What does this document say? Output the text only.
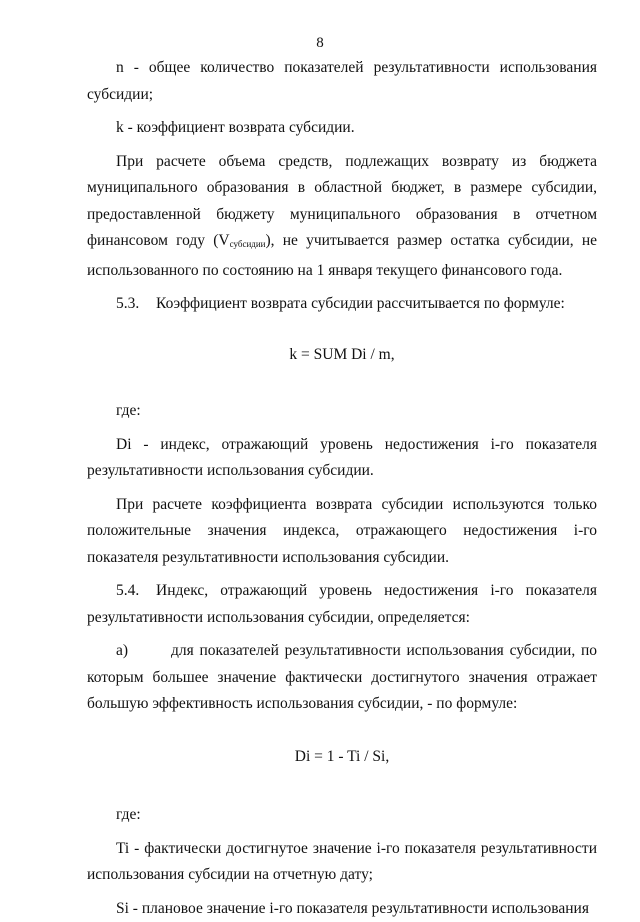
8

n - общее количество показателей результативности использования субсидии;

k - коэффициент возврата субсидии.

При расчете объема средств, подлежащих возврату из бюджета муниципального образования в областной бюджет, в размере субсидии, предоставленной бюджету муниципального образования в отчетном финансовом году $(V_{субсидии})$, не учитывается размер остатка субсидии, не использованного по состоянию на 1 января текущего финансового года.

5.3. Коэффициент возврата субсидии рассчитывается по формуле:

k = SUM Di / m,

где:

Di - индекс, отражающий уровень недостижения i-го показателя результативности использования субсидии.

При расчете коэффициента возврата субсидии используются только положительные значения индекса, отражающего недостижения i-го показателя результативности использования субсидии.

5.4. Индекс, отражающий уровень недостижения i-го показателя результативности использования субсидии, определяется:

а)	для показателей результативности использования субсидии, по которым большее значение фактически достигнутого значения отражает большую эффективность использования субсидии, - по формуле:

Di = 1 - Ti / Si,

где:

Ti - фактически достигнутое значение i-го показателя результативности использования субсидии на отчетную дату;

Si - плановое значение i-го показателя результативности использования
